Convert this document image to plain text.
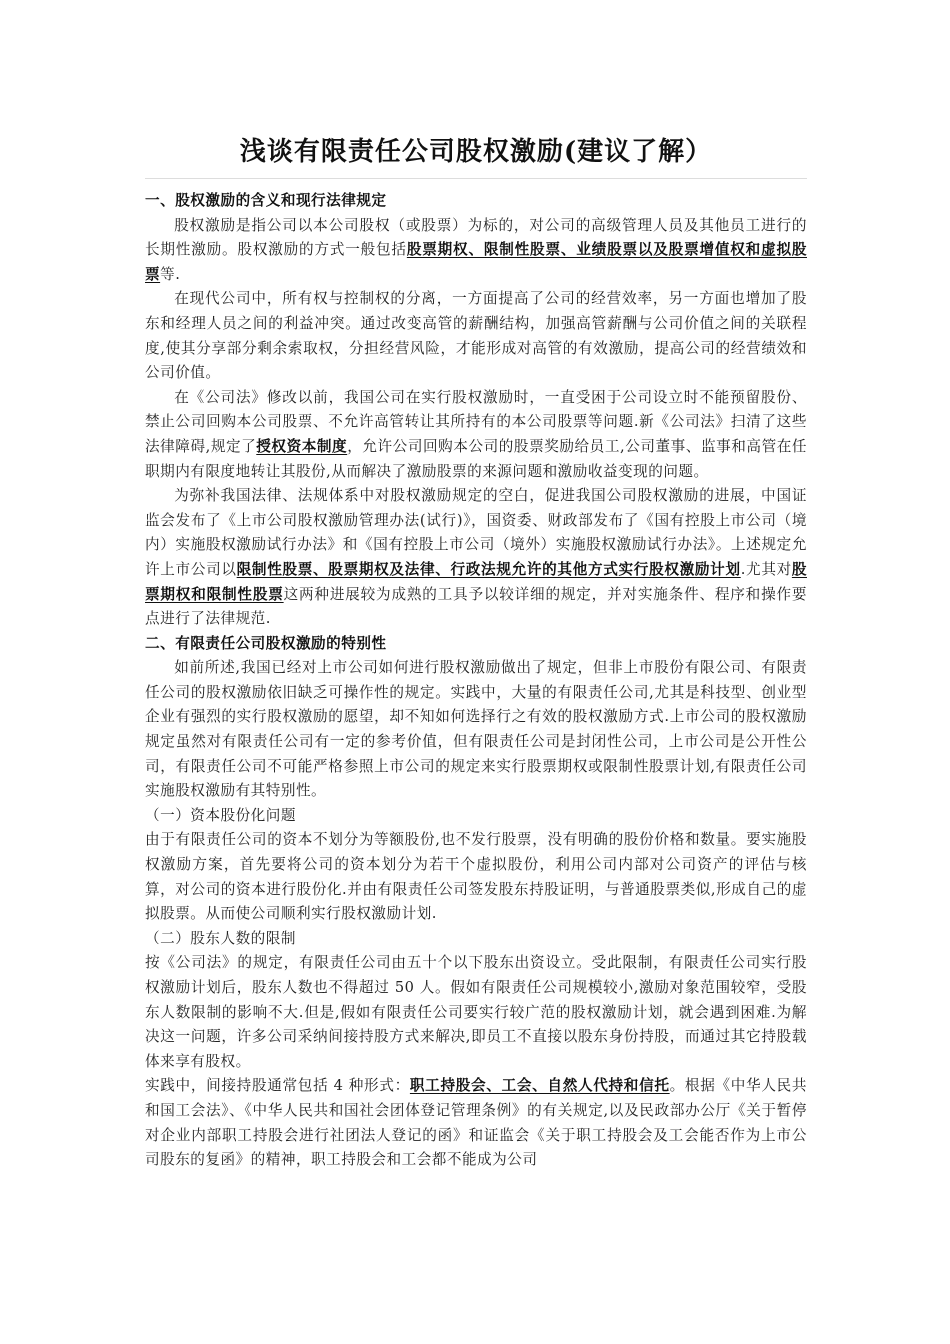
浅谈有限责任公司股权激励(建议了解）

一、股权激励的含义和现行法律规定

股权激励是指公司以本公司股权（或股票）为标的，对公司的高级管理人员及其他员工进行的长期性激励。股权激励的方式一般包括股票期权、限制性股票、业绩股票以及股票增值权和虚拟股票等.

在现代公司中，所有权与控制权的分离，一方面提高了公司的经营效率，另一方面也增加了股东和经理人员之间的利益冲突。通过改变高管的薪酬结构，加强高管薪酬与公司价值之间的关联程度,使其分享部分剩余索取权，分担经营风险，才能形成对高管的有效激励，提高公司的经营绩效和公司价值。

在《公司法》修改以前，我国公司在实行股权激励时，一直受困于公司设立时不能预留股份、禁止公司回购本公司股票、不允许高管转让其所持有的本公司股票等问题.新《公司法》扫清了这些法律障碍,规定了授权资本制度，允许公司回购本公司的股票奖励给员工,公司董事、监事和高管在任职期内有限度地转让其股份,从而解决了激励股票的来源问题和激励收益变现的问题。

为弥补我国法律、法规体系中对股权激励规定的空白，促进我国公司股权激励的进展，中国证监会发布了《上市公司股权激励管理办法(试行)》，国资委、财政部发布了《国有控股上市公司（境内）实施股权激励试行办法》和《国有控股上市公司（境外）实施股权激励试行办法》。上述规定允许上市公司以限制性股票、股票期权及法律、行政法规允许的其他方式实行股权激励计划.尤其对股票期权和限制性股票这两种进展较为成熟的工具予以较详细的规定，并对实施条件、程序和操作要点进行了法律规范.

二、有限责任公司股权激励的特别性

如前所述,我国已经对上市公司如何进行股权激励做出了规定，但非上市股份有限公司、有限责任公司的股权激励依旧缺乏可操作性的规定。实践中，大量的有限责任公司,尤其是科技型、创业型企业有强烈的实行股权激励的愿望，却不知如何选择行之有效的股权激励方式.上市公司的股权激励规定虽然对有限责任公司有一定的参考价值，但有限责任公司是封闭性公司，上市公司是公开性公司，有限责任公司不可能严格参照上市公司的规定来实行股票期权或限制性股票计划,有限责任公司实施股权激励有其特别性。

（一）资本股份化问题

由于有限责任公司的资本不划分为等额股份,也不发行股票，没有明确的股份价格和数量。要实施股权激励方案，首先要将公司的资本划分为若干个虚拟股份，利用公司内部对公司资产的评估与核算，对公司的资本进行股份化.并由有限责任公司签发股东持股证明，与普通股票类似,形成自己的虚拟股票。从而使公司顺利实行股权激励计划.

（二）股东人数的限制

按《公司法》的规定，有限责任公司由五十个以下股东出资设立。受此限制，有限责任公司实行股权激励计划后，股东人数也不得超过 50 人。假如有限责任公司规模较小,激励对象范围较窄，受股东人数限制的影响不大.但是,假如有限责任公司要实行较广范的股权激励计划，就会遇到困难.为解决这一问题，许多公司采纳间接持股方式来解决,即员工不直接以股东身份持股，而通过其它持股载体来享有股权。

实践中，间接持股通常包括 4 种形式：职工持股会、工会、自然人代持和信托。根据《中华人民共和国工会法》、《中华人民共和国社会团体登记管理条例》的有关规定,以及民政部办公厅《关于暂停对企业内部职工持股会进行社团法人登记的函》和证监会《关于职工持股会及工会能否作为上市公司股东的复函》的精神，职工持股会和工会都不能成为公司
